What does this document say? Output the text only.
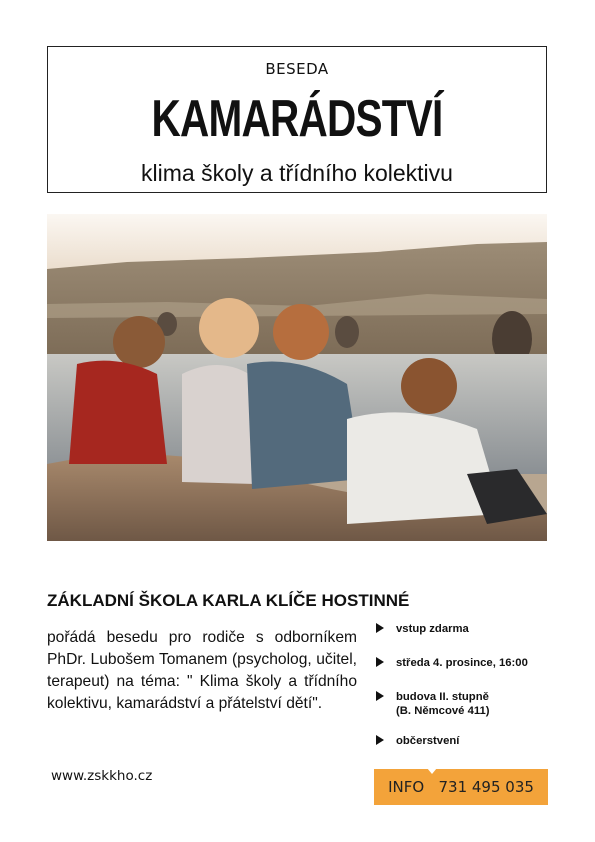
BESEDA
KAMARÁDSTVÍ
klima školy a třídního kolektivu
ZÁKLADNÍ ŠKOLA KARLA KLÍČE HOSTINNÉ
pořádá besedu pro rodiče s odborníkem PhDr. Lubošem Tomanem (psycholog, učitel, terapeut) na téma: " Klima školy a třídního kolektivu, kamarádství a přátelství dětí".
vstup zdarma
středa 4. prosince, 16:00
budova II. stupně
(B. Němcové 411)
občerstvení
www.zskkho.cz
INFO 731 495 035
